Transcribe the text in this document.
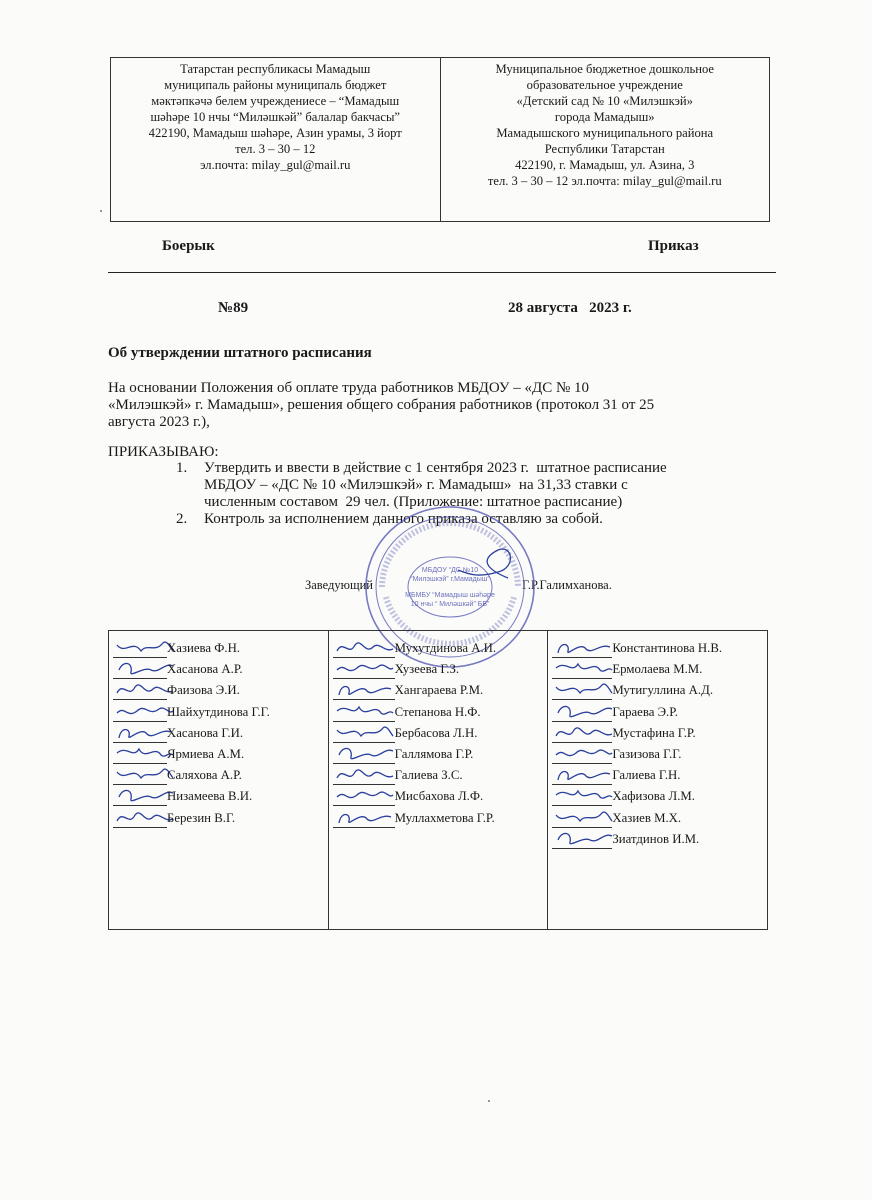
Татарстан республикасы Мамадыш
муниципаль районы муниципаль бюджет
мәктәпкәчә белем учреждениесе – “Мамадыш
шәһәре 10 нчы “Миләшкәй” балалар бакчасы”
422190, Мамадыш шәһәре, Азин урамы, 3 йорт
тел. 3 – 30 – 12
эл.почта: milay_gul@mail.ru
Муниципальное бюджетное дошкольное
образовательное учреждение
«Детский сад № 10 «Милэшкэй»
города Мамадыш»
Мамадышского муниципального района
Республики Татарстан
422190, г. Мамадыш, ул. Азина, 3
тел. 3 – 30 – 12 эл.почта: milay_gul@mail.ru
Боерык	Приказ
№89	28 августа   2023 г.
Об утверждении штатного расписания
На основании Положения об оплате труда работников МБДОУ – «ДС № 10
«Милэшкэй» г. Мамадыш», решения общего собрания работников (протокол 31 от 25
августа 2023 г.),
ПРИКАЗЫВАЮ:
1. Утвердить и ввести в действие с 1 сентября 2023 г.  штатное расписание
МБДОУ – «ДС № 10 «Милэшкэй» г. Мамадыш»  на 31,33 ставки с
численным составом  29 чел. (Приложение: штатное расписание)
2. Контроль за исполнением данного приказа оставляю за собой.
Заведующий	Г.Р.Галимханова.
МБДОУ “ДС №10
“Милэшкэй” г.Мамадыш”
МБМБУ “Мамадыш шәһәре
10 нчы “ Миләшкәй” ББ”
Хазиева Ф.Н.
Хасанова А.Р.
Фаизова Э.И.
Шайхутдинова Г.Г.
Хасанова Г.И.
Ярмиева А.М.
Саляхова А.Р.
Низамеева В.И.
Березин В.Г.
Мухутдинова А.И.
Хузеева Г.З.
Хангараева Р.М.
Степанова Н.Ф.
Бербасова Л.Н.
Галлямова Г.Р.
Галиева З.С.
Мисбахова Л.Ф.
Муллахметова Г.Р.
Константинова Н.В.
Ермолаева М.М.
Мутигуллина А.Д.
Гараева Э.Р.
Мустафина Г.Р.
Газизова Г.Г.
Галиева Г.Н.
Хафизова Л.М.
Хазиев М.Х.
Зиатдинов И.М.
